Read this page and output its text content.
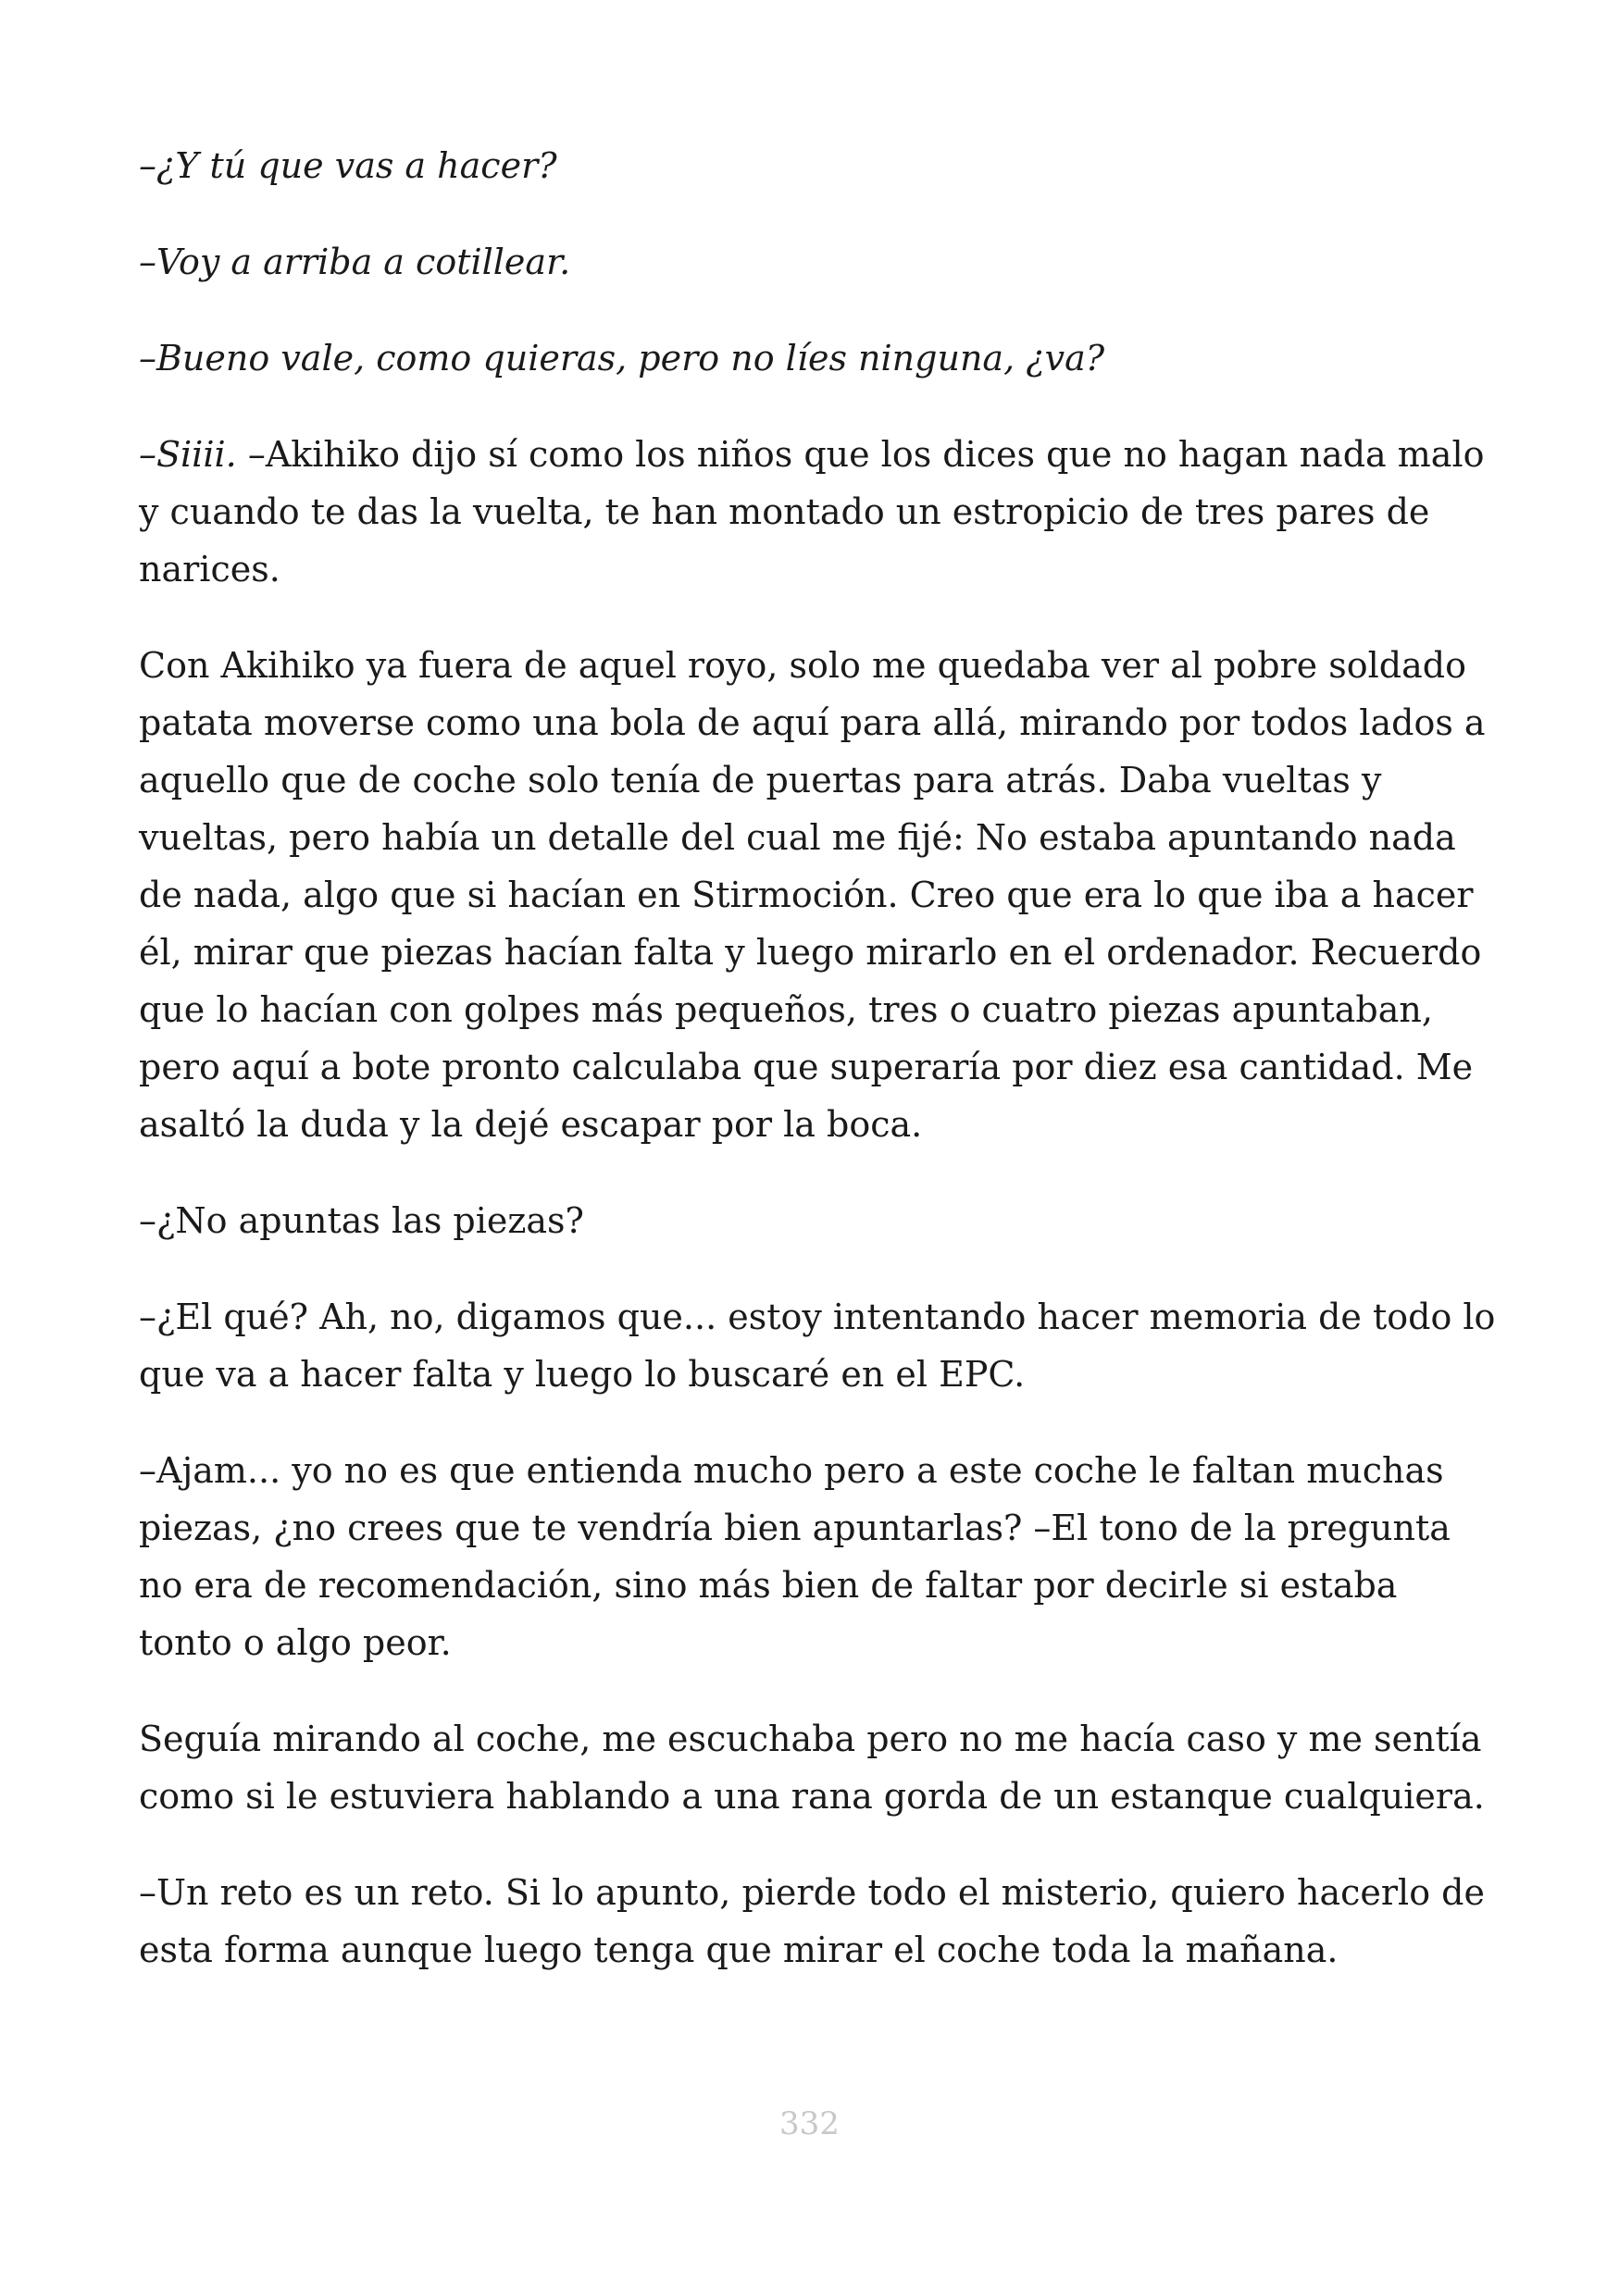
–¿Y tú que vas a hacer?

–Voy a arriba a cotillear.

–Bueno vale, como quieras, pero no líes ninguna, ¿va?

–Siiii. –Akihiko dijo sí como los niños que los dices que no hagan nada malo y cuando te das la vuelta, te han montado un estropicio de tres pares de narices.

Con Akihiko ya fuera de aquel royo, solo me quedaba ver al pobre soldado patata moverse como una bola de aquí para allá, mirando por todos lados a aquello que de coche solo tenía de puertas para atrás. Daba vueltas y vueltas, pero había un detalle del cual me fijé: No estaba apuntando nada de nada, algo que si hacían en Stirmoción. Creo que era lo que iba a hacer él, mirar que piezas hacían falta y luego mirarlo en el ordenador. Recuerdo que lo hacían con golpes más pequeños, tres o cuatro piezas apuntaban, pero aquí a bote pronto calculaba que superaría por diez esa cantidad. Me asaltó la duda y la dejé escapar por la boca.

–¿No apuntas las piezas?

–¿El qué? Ah, no, digamos que... estoy intentando hacer memoria de todo lo que va a hacer falta y luego lo buscaré en el EPC.

–Ajam... yo no es que entienda mucho pero a este coche le faltan muchas piezas, ¿no crees que te vendría bien apuntarlas? –El tono de la pregunta no era de recomendación, sino más bien de faltar por decirle si estaba tonto o algo peor.

Seguía mirando al coche, me escuchaba pero no me hacía caso y me sentía como si le estuviera hablando a una rana gorda de un estanque cualquiera.

–Un reto es un reto. Si lo apunto, pierde todo el misterio, quiero hacerlo de esta forma aunque luego tenga que mirar el coche toda la mañana.

332
